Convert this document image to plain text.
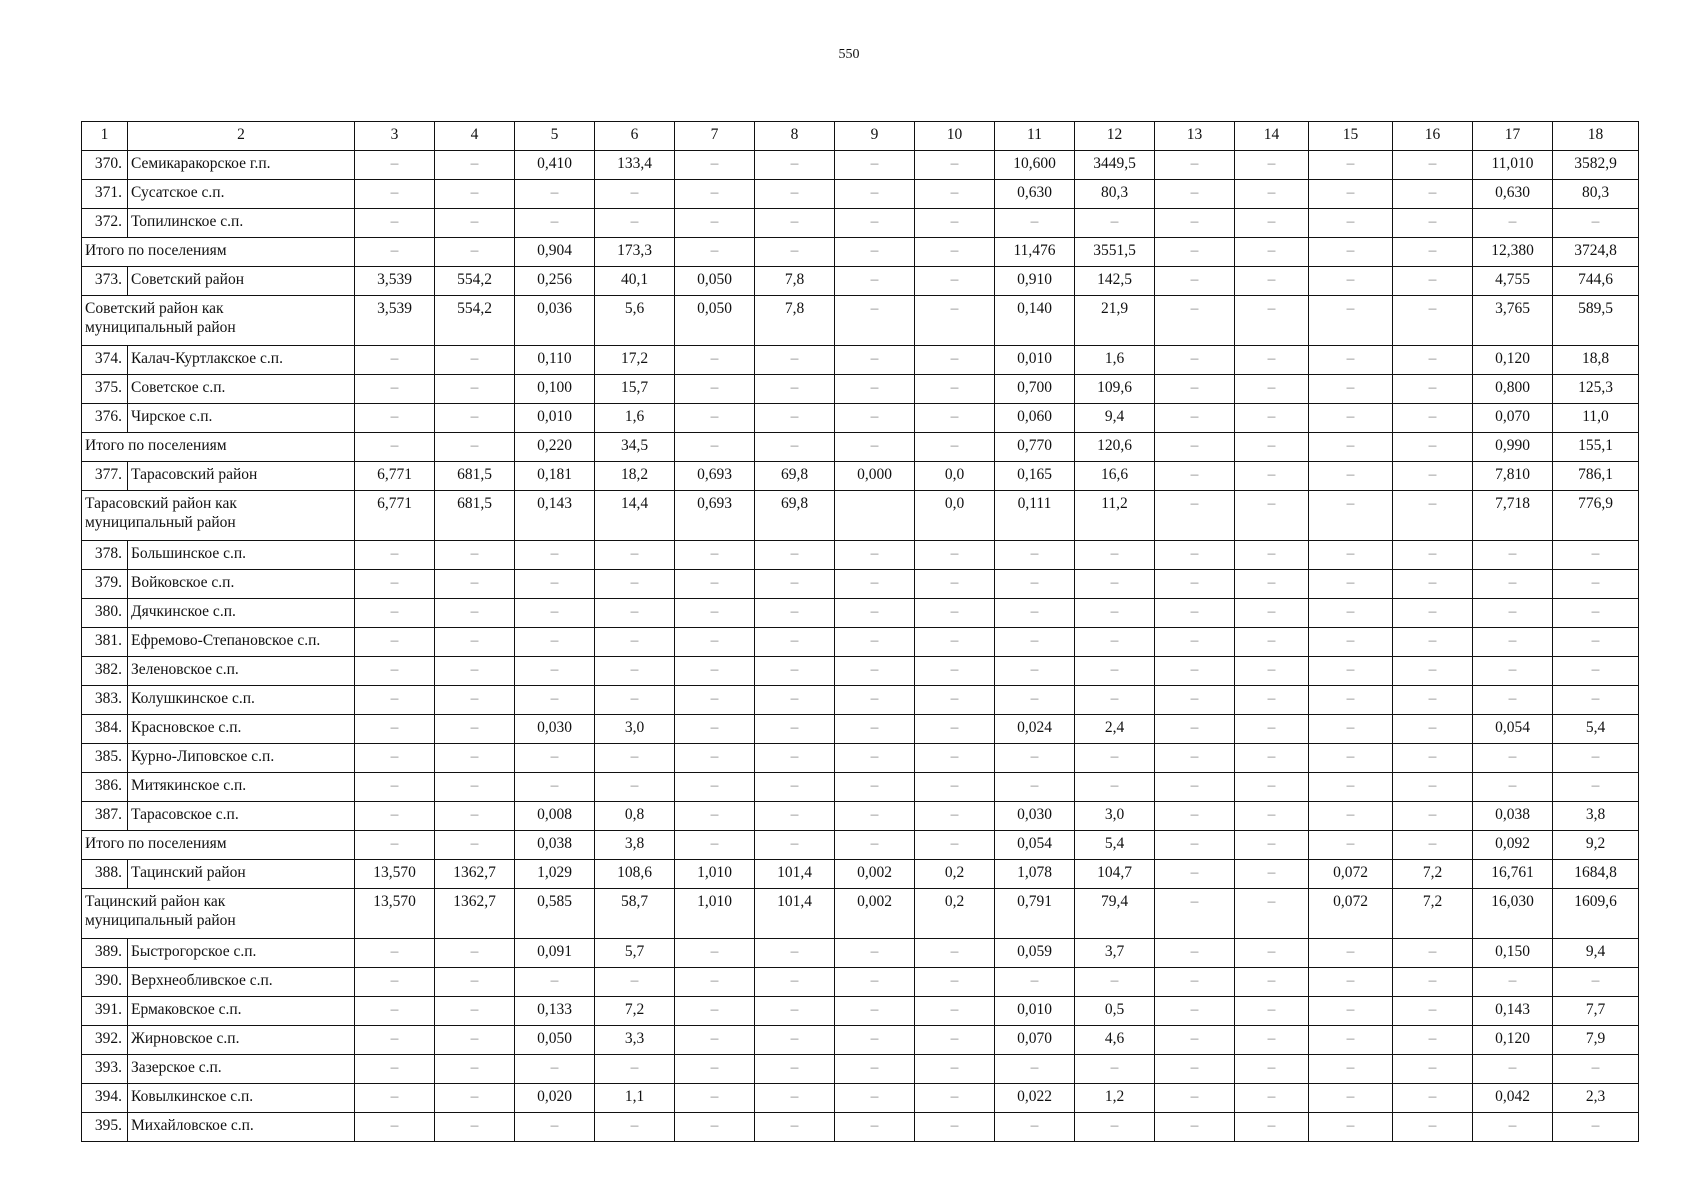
550
1	2	3	4	5	6	7	8	9	10	11	12	13	14	15	16	17	18
370.	Семикаракорское г.п.	–	–	0,410	133,4	–	–	–	–	10,600	3449,5	–	–	–	–	11,010	3582,9
371.	Сусатское с.п.	–	–	–	–	–	–	–	–	0,630	80,3	–	–	–	–	0,630	80,3
372.	Топилинское с.п.	–	–	–	–	–	–	–	–	–	–	–	–	–	–	–	–
Итого по поселениям		–	–	0,904	173,3	–	–	–	–	11,476	3551,5	–	–	–	–	12,380	3724,8
373.	Советский район	3,539	554,2	0,256	40,1	0,050	7,8	–	–	0,910	142,5	–	–	–	–	4,755	744,6

Советский район как
муниципальный район		3,539	554,2	0,036	5,6	0,050	7,8	–	–	0,140	21,9	–	–	–	–	3,765	589,5
374.	Калач-Куртлакское с.п.	–	–	0,110	17,2	–	–	–	–	0,010	1,6	–	–	–	–	0,120	18,8
375.	Советское с.п.	–	–	0,100	15,7	–	–	–	–	0,700	109,6	–	–	–	–	0,800	125,3
376.	Чирское с.п.	–	–	0,010	1,6	–	–	–	–	0,060	9,4	–	–	–	–	0,070	11,0
Итого по поселениям		–	–	0,220	34,5	–	–	–	–	0,770	120,6	–	–	–	–	0,990	155,1
377.	Тарасовский район	6,771	681,5	0,181	18,2	0,693	69,8	0,000	0,0	0,165	16,6	–	–	–	–	7,810	786,1

Тарасовский район как
муниципальный район		6,771	681,5	0,143	14,4	0,693	69,8		0,0	0,111	11,2	–	–	–	–	7,718	776,9
378.	Большинское с.п.	–	–	–	–	–	–	–	–	–	–	–	–	–	–	–	–
379.	Войковское с.п.	–	–	–	–	–	–	–	–	–	–	–	–	–	–	–	–
380.	Дячкинское с.п.	–	–	–	–	–	–	–	–	–	–	–	–	–	–	–	–
381.	Ефремово-Степановское с.п.	–	–	–	–	–	–	–	–	–	–	–	–	–	–	–	–
382.	Зеленовское с.п.	–	–	–	–	–	–	–	–	–	–	–	–	–	–	–	–
383.	Колушкинское с.п.	–	–	–	–	–	–	–	–	–	–	–	–	–	–	–	–
384.	Красновское с.п.	–	–	0,030	3,0	–	–	–	–	0,024	2,4	–	–	–	–	0,054	5,4
385.	Курно-Липовское с.п.	–	–	–	–	–	–	–	–	–	–	–	–	–	–	–	–
386.	Митякинское с.п.	–	–	–	–	–	–	–	–	–	–	–	–	–	–	–	–
387.	Тарасовское с.п.	–	–	0,008	0,8	–	–	–	–	0,030	3,0	–	–	–	–	0,038	3,8
Итого по поселениям		–	–	0,038	3,8	–	–	–	–	0,054	5,4	–	–	–	–	0,092	9,2
388.	Тацинский район	13,570	1362,7	1,029	108,6	1,010	101,4	0,002	0,2	1,078	104,7	–	–	0,072	7,2	16,761	1684,8

Тацинский район как
муниципальный район		13,570	1362,7	0,585	58,7	1,010	101,4	0,002	0,2	0,791	79,4	–	–	0,072	7,2	16,030	1609,6
389.	Быстрогорское с.п.	–	–	0,091	5,7	–	–	–	–	0,059	3,7	–	–	–	–	0,150	9,4
390.	Верхнеобливское с.п.	–	–	–	–	–	–	–	–	–	–	–	–	–	–	–	–
391.	Ермаковское с.п.	–	–	0,133	7,2	–	–	–	–	0,010	0,5	–	–	–	–	0,143	7,7
392.	Жирновское с.п.	–	–	0,050	3,3	–	–	–	–	0,070	4,6	–	–	–	–	0,120	7,9
393.	Зазерское с.п.	–	–	–	–	–	–	–	–	–	–	–	–	–	–	–	–
394.	Ковылкинское с.п.	–	–	0,020	1,1	–	–	–	–	0,022	1,2	–	–	–	–	0,042	2,3
395.	Михайловское с.п.	–	–	–	–	–	–	–	–	–	–	–	–	–	–	–	–
